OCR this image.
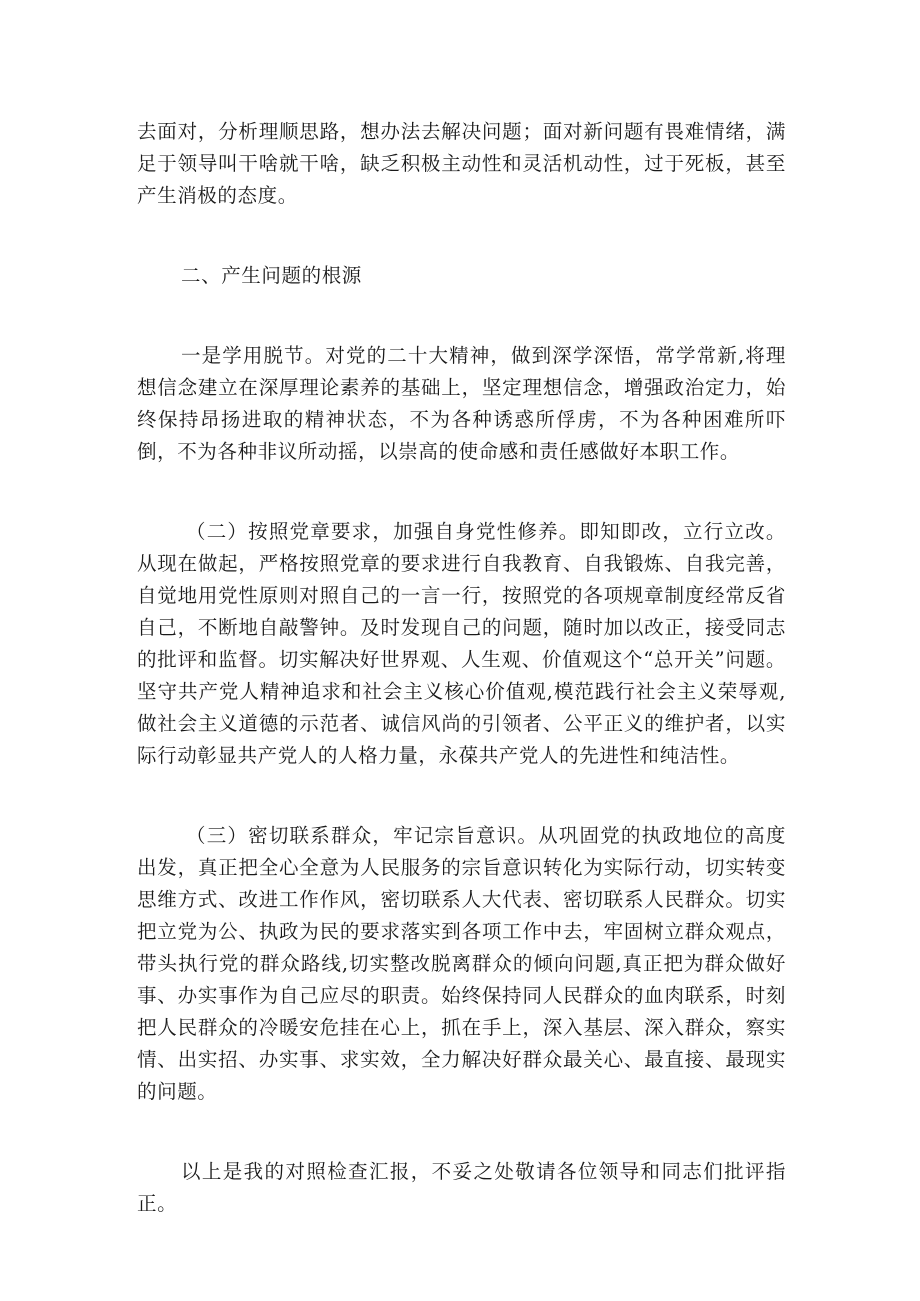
去面对，分析理顺思路，想办法去解决问题；面对新问题有畏难情绪，满足于领导叫干啥就干啥，缺乏积极主动性和灵活机动性，过于死板，甚至产生消极的态度。

二、产生问题的根源

一是学用脱节。对党的二十大精神，做到深学深悟，常学常新,将理想信念建立在深厚理论素养的基础上，坚定理想信念，增强政治定力，始终保持昂扬进取的精神状态，不为各种诱惑所俘虏，不为各种困难所吓倒，不为各种非议所动摇，以崇高的使命感和责任感做好本职工作。

（二）按照党章要求，加强自身党性修养。即知即改，立行立改。从现在做起，严格按照党章的要求进行自我教育、自我锻炼、自我完善，自觉地用党性原则对照自己的一言一行，按照党的各项规章制度经常反省自己，不断地自敲警钟。及时发现自己的问题，随时加以改正，接受同志的批评和监督。切实解决好世界观、人生观、价值观这个“总开关”问题。坚守共产党人精神追求和社会主义核心价值观,模范践行社会主义荣辱观,做社会主义道德的示范者、诚信风尚的引领者、公平正义的维护者，以实际行动彰显共产党人的人格力量，永葆共产党人的先进性和纯洁性。

（三）密切联系群众，牢记宗旨意识。从巩固党的执政地位的高度出发，真正把全心全意为人民服务的宗旨意识转化为实际行动，切实转变思维方式、改进工作作风，密切联系人大代表、密切联系人民群众。切实把立党为公、执政为民的要求落实到各项工作中去，牢固树立群众观点，带头执行党的群众路线,切实整改脱离群众的倾向问题,真正把为群众做好事、办实事作为自己应尽的职责。始终保持同人民群众的血肉联系，时刻把人民群众的冷暖安危挂在心上，抓在手上，深入基层、深入群众，察实情、出实招、办实事、求实效，全力解决好群众最关心、最直接、最现实的问题。

以上是我的对照检查汇报，不妥之处敬请各位领导和同志们批评指正。
